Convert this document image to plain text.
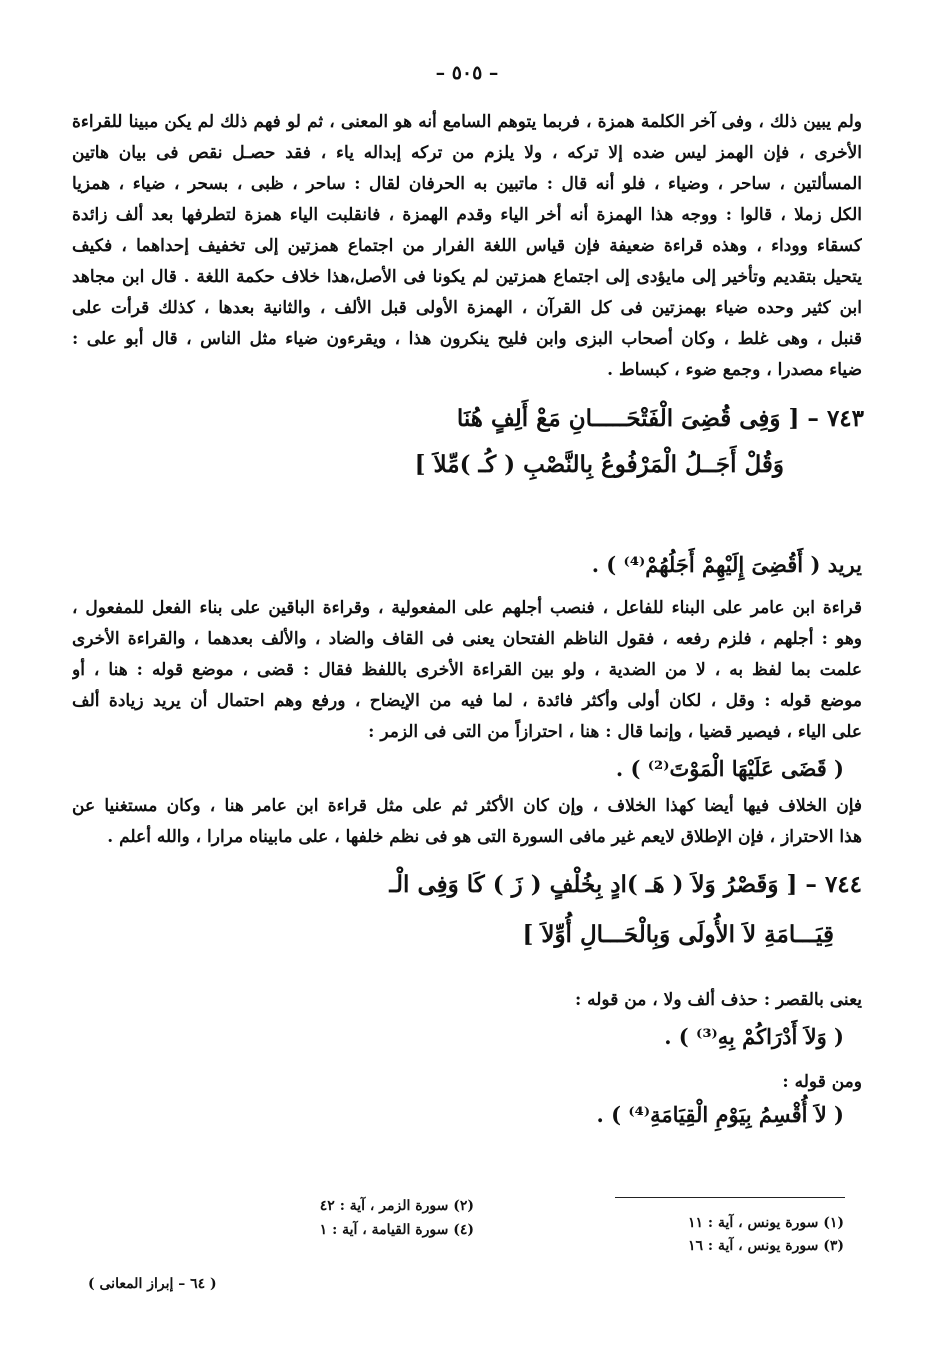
– ٥٠٥ –
ولم يبين ذلك ، وفى آخر الكلمة همزة ، فربما يتوهم السامع أنه هو المعنى ، ثم لو فهم ذلك لم يكن مبينا للقراءة
الأخرى ، فإن الهمز ليس ضده إلا تركه ، ولا يلزم من تركه إبداله ياء ، فقد حصـل نقص فى بيان هاتين
المسألتين ، ساحر ، وضياء ، فلو أنه قال : ماتبين به الحرفان لقال : ساحر ، ظبى ، بسحر ، ضياء ، همزيا
الكل زملا ، قالوا : ووجه هذا الهمزة أنه أخر الياء وقدم الهمزة ، فانقلبت الياء همزة لتطرفها بعد ألف زائدة
كسقاء ووداء ، وهذه قراءة ضعيفة فإن قياس اللغة الفرار من اجتماع همزتين إلى تخفيف إحداهما ، فكيف
يتحيل بتقديم وتأخير إلى مايؤدى إلى اجتماع همزتين لم يكونا فى الأصل،هذا خلاف حكمة اللغة . قال ابن مجاهد
ابن كثير وحده ضياء بهمزتين فى كل القرآن ، الهمزة الأولى قبل الألف ، والثانية بعدها ، كذلك قرأت على
قنبل ، وهى غلط ، وكان أصحاب البزى وابن فليح ينكرون هذا ، ويقرءون ضياء مثل الناس ، قال أبو على :
ضياء مصدرا ، وجمع ضوء ، كبساط .
٧٤٣ – [ وَفِى قُضِىَ الْفَتْحَـــــانِ مَعْ أَلِفٍ هُنَا
وَقُلْ أَجَــلُ الْمَرْفُوعُ بِالنَّصْبِ ( كُـ )مِّلاَ ]
يريد ( أَقُضِىَ إِلَيْهِمْ أَجَلُهُمْ⁽⁴⁾ ) .
قراءة ابن عامر على البناء للفاعل ، فنصب أجلهم على المفعولية ، وقراءة الباقين على بناء الفعل للمفعول ،
وهو : أجلهم ، فلزم رفعه ، فقول الناظم الفتحان يعنى فى القاف والضاد ، والألف بعدهما ، والقراءة الأخرى
علمت بما لفظ به ، لا من الضدية ، ولو بين القراءة الأخرى باللفظ فقال : قضى ، موضع قوله : هنا ، أو
موضع قوله : وقل ، لكان أولى وأكثر فائدة ، لما فيه من الإيضاح ، ورفع وهم احتمال أن يريد زيادة ألف
على الياء ، فيصير قضيا ، وإنما قال : هنا ، احترازاً من التى فى الزمر :
( قَضَى عَلَيْهَا الْمَوْتَ⁽²⁾ ) .
فإن الخلاف فيها أيضا كهذا الخلاف ، وإن كان الأكثر ثم على مثل قراءة ابن عامر هنا ، وكان مستغنيا عن
هذا الاحتراز ، فإن الإطلاق لايعم غير مافى السورة التى هو فى نظم خلفها ، على مابيناه مرارا ، والله أعلم .
٧٤٤ – [ وَقَصْرُ وَلاَ ( هَـ )ادٍ بِخُلْفٍ ( زَ ) كَا وَفِى الْـ
قِيَـــامَةِ لاَ الأُولَى وَبِالْحَـــالِ أُوِّلاَ ]
يعنى بالقصر : حذف ألف ولا ، من قوله :
( وَلاَ أَدْرَاكُمْ بِهِ⁽³⁾ ) .
ومن قوله :
( لاَ أُقْسِمُ بِيَوْمِ الْقِيَامَةِ⁽⁴⁾ ) .
(١) سورة يونس ، آية : ١١
(٢) سورة الزمر ، آية : ٤٢
(٣) سورة يونس ، آية : ١٦
(٤) سورة القيامة ، آية : ١
( ٦٤ – إبراز المعانى )
